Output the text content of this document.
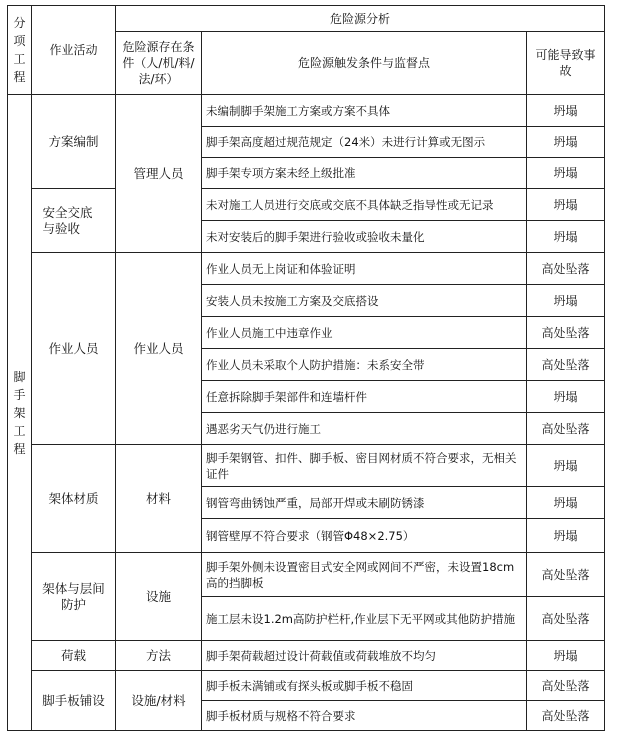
分项工程	作业活动	危险源分析		
		危险源存在条件（人/机/料/法/环）	危险源触发条件与监督点	可能导致事故
脚手架工程	方案编制	管理人员	未编制脚手架施工方案或方案不具体	坍塌
			脚手架高度超过规范规定（24米）未进行计算或无图示	坍塌
			脚手架专项方案未经上级批准	坍塌
	安全交底与验收		未对施工人员进行交底或交底不具体缺乏指导性或无记录	坍塌
			未对安装后的脚手架进行验收或验收未量化	坍塌
	作业人员	作业人员	作业人员无上岗证和体验证明	高处坠落
			安装人员未按施工方案及交底搭设	坍塌
			作业人员施工中违章作业	高处坠落
			作业人员未采取个人防护措施：未系安全带	高处坠落
			任意拆除脚手架部件和连墙杆件	坍塌
			遇恶劣天气仍进行施工	高处坠落
	架体材质	材料	脚手架钢管、扣件、脚手板、密目网材质不符合要求，无相关证件	坍塌
			钢管弯曲锈蚀严重，局部开焊或未刷防锈漆	坍塌
			钢管壁厚不符合要求（钢管Φ48×2.75）	坍塌
	架体与层间防护	设施	脚手架外侧未设置密目式安全网或网间不严密，未设置18cm高的挡脚板	高处坠落
			施工层未设1.2m高防护栏杆,作业层下无平网或其他防护措施	高处坠落
	荷载	方法	脚手架荷载超过设计荷载值或荷载堆放不均匀	坍塌
	脚手板铺设	设施/材料	脚手板未满铺或有探头板或脚手板不稳固	高处坠落
			脚手板材质与规格不符合要求	高处坠落
